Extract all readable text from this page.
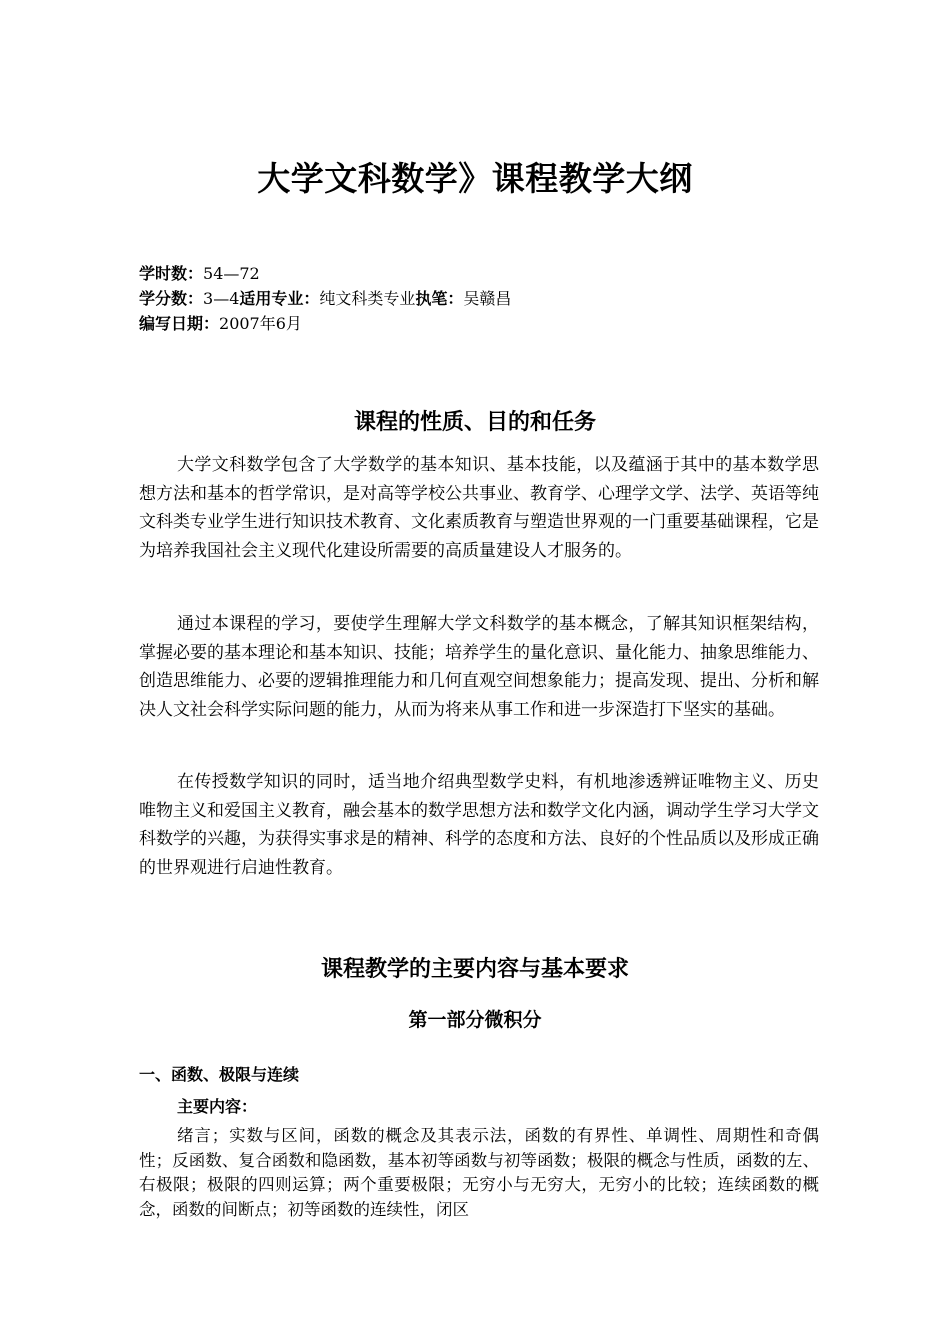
大学文科数学》课程教学大纲
学时数：54—72
学分数：3—4适用专业：纯文科类专业执笔：吴赣昌
编写日期：2007年6月
课程的性质、目的和任务
大学文科数学包含了大学数学的基本知识、基本技能，以及蕴涵于其中的基本数学思想方法和基本的哲学常识，是对高等学校公共事业、教育学、心理学文学、法学、英语等纯文科类专业学生进行知识技术教育、文化素质教育与塑造世界观的一门重要基础课程，它是为培养我国社会主义现代化建设所需要的高质量建设人才服务的。
通过本课程的学习，要使学生理解大学文科数学的基本概念，了解其知识框架结构，掌握必要的基本理论和基本知识、技能；培养学生的量化意识、量化能力、抽象思维能力、创造思维能力、必要的逻辑推理能力和几何直观空间想象能力；提高发现、提出、分析和解决人文社会科学实际问题的能力，从而为将来从事工作和进一步深造打下坚实的基础。
在传授数学知识的同时，适当地介绍典型数学史料，有机地渗透辨证唯物主义、历史唯物主义和爱国主义教育，融会基本的数学思想方法和数学文化内涵，调动学生学习大学文科数学的兴趣，为获得实事求是的精神、科学的态度和方法、良好的个性品质以及形成正确的世界观进行启迪性教育。
课程教学的主要内容与基本要求
第一部分微积分
一、函数、极限与连续
主要内容：
绪言；实数与区间，函数的概念及其表示法，函数的有界性、单调性、周期性和奇偶性；反函数、复合函数和隐函数，基本初等函数与初等函数；极限的概念与性质，函数的左、右极限；极限的四则运算；两个重要极限；无穷小与无穷大，无穷小的比较；连续函数的概念，函数的间断点；初等函数的连续性，闭区
